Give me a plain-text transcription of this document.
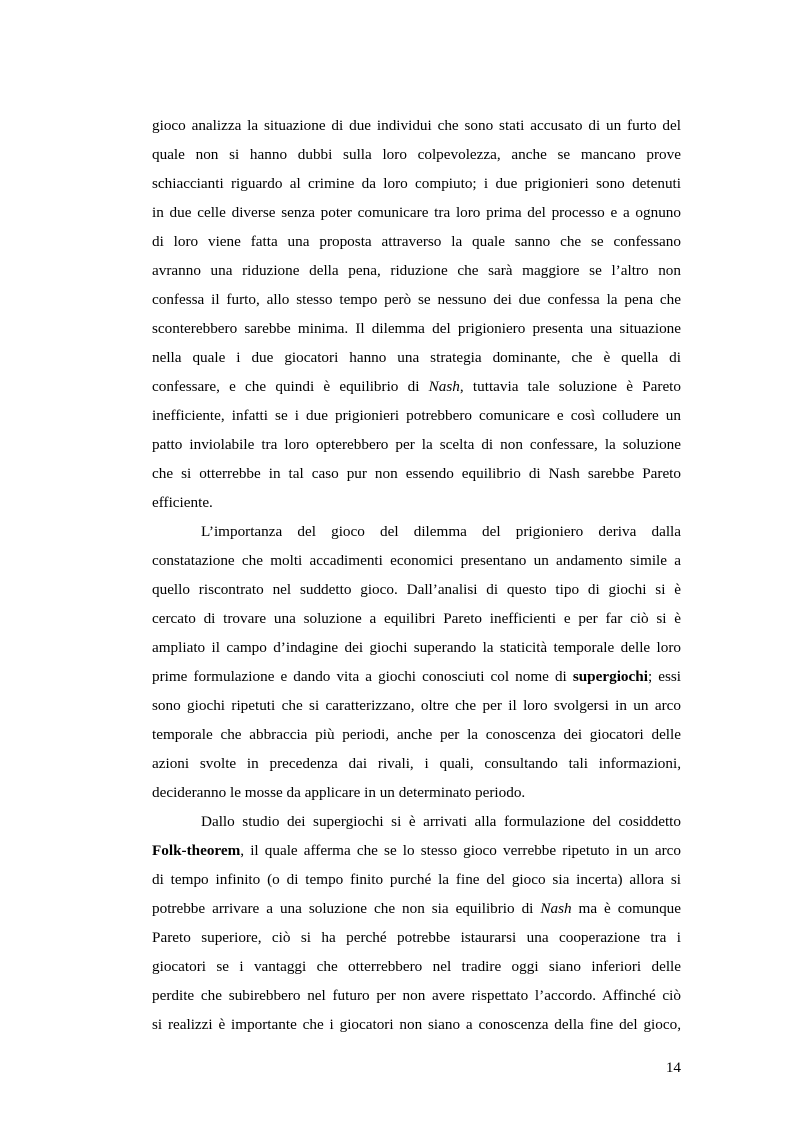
gioco analizza la situazione di due individui che sono stati accusato di un furto del
quale non si hanno dubbi sulla loro colpevolezza, anche se mancano prove
schiaccianti riguardo al crimine da loro compiuto; i due prigionieri sono detenuti
in due celle diverse senza poter comunicare tra loro prima del processo e a ognuno
di loro viene fatta una proposta attraverso la quale sanno che se confessano
avranno una riduzione della pena, riduzione che sarà maggiore se l’altro non
confessa il furto, allo stesso tempo però se nessuno dei due confessa la pena che
sconterebbero sarebbe minima. Il dilemma del prigioniero presenta una situazione
nella quale i due giocatori hanno una strategia dominante, che è quella di
confessare, e che quindi è equilibrio di Nash, tuttavia tale soluzione è Pareto
inefficiente, infatti se i due prigionieri potrebbero comunicare e così colludere un
patto inviolabile tra loro opterebbero per la scelta di non confessare, la soluzione
che si otterrebbe in tal caso pur non essendo equilibrio di Nash sarebbe Pareto
efficiente.
L’importanza del gioco del dilemma del prigioniero deriva dalla
constatazione che molti accadimenti economici presentano un andamento simile a
quello riscontrato nel suddetto gioco. Dall’analisi di questo tipo di giochi si è
cercato di trovare una soluzione a equilibri Pareto inefficienti e per far ciò si è
ampliato il campo d’indagine dei giochi superando la staticità temporale delle loro
prime formulazione e dando vita a giochi conosciuti col nome di supergiochi; essi
sono giochi ripetuti che si caratterizzano, oltre che per il loro svolgersi in un arco
temporale che abbraccia più periodi, anche per la conoscenza dei giocatori delle
azioni svolte in precedenza dai rivali, i quali, consultando tali informazioni,
decideranno le mosse da applicare in un determinato periodo.
Dallo studio dei supergiochi si è arrivati alla formulazione del cosiddetto
Folk-theorem, il quale afferma che se lo stesso gioco verrebbe ripetuto in un arco
di tempo infinito (o di tempo finito purché la fine del gioco sia incerta) allora si
potrebbe arrivare a una soluzione che non sia equilibrio di Nash ma è comunque
Pareto superiore, ciò si ha perché potrebbe istaurarsi una cooperazione tra i
giocatori se i vantaggi che otterrebbero nel tradire oggi siano inferiori delle
perdite che subirebbero nel futuro per non avere rispettato l’accordo. Affinché ciò
si realizzi è importante che i giocatori non siano a conoscenza della fine del gioco,
14
